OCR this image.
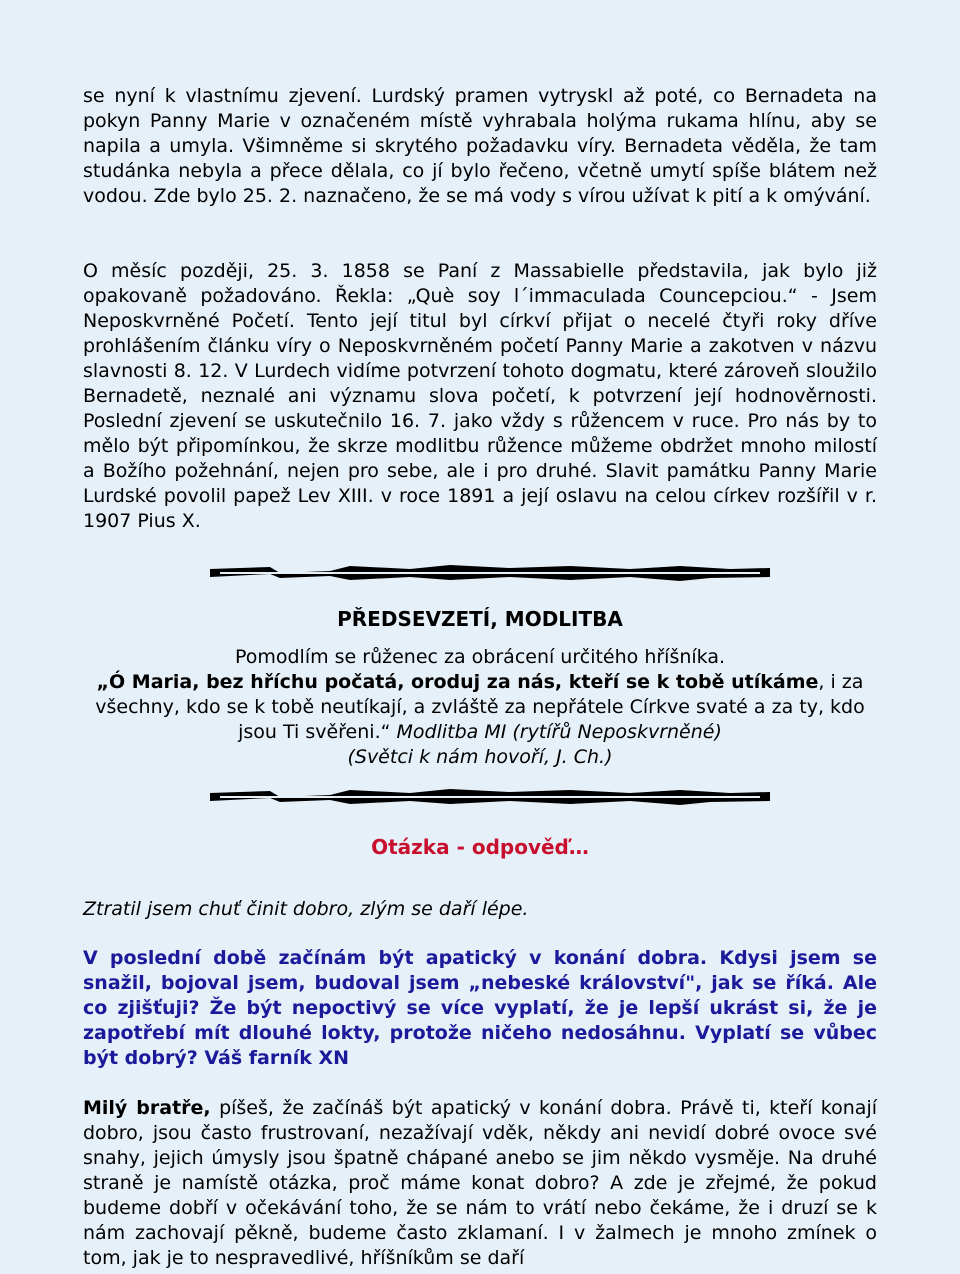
se nyní k vlastnímu zjevení. Lurdský pramen vytryskl až poté, co Bernadeta na pokyn Panny Marie v označeném místě vyhrabala holýma rukama hlínu, aby se napila a umyla. Všimněme si skrytého požadavku víry. Bernadeta věděla, že tam studánka nebyla a přece dělala, co jí bylo řečeno, včetně umytí spíše blátem než vodou. Zde bylo 25. 2. naznačeno, že se má vody s vírou užívat k pití a k omývání.
O měsíc později, 25. 3. 1858 se Paní z Massabielle představila, jak bylo již opakovaně požadováno. Řekla: „Què soy l´immaculada Councepciou.“ - Jsem Neposkvrněné Početí. Tento její titul byl církví přijat o necelé čtyři roky dříve prohlášením článku víry o Neposkvrněném početí Panny Marie a zakotven v názvu slavnosti 8. 12. V Lurdech vidíme potvrzení tohoto dogmatu, které zároveň sloužilo Bernadetě, neznalé ani významu slova početí, k potvrzení její hodnověrnosti. Poslední zjevení se uskutečnilo 16. 7. jako vždy s růžencem v ruce. Pro nás by to mělo být připomínkou, že skrze modlitbu růžence můžeme obdržet mnoho milostí a Božího požehnání, nejen pro sebe, ale i pro druhé. Slavit památku Panny Marie Lurdské povolil papež Lev XIII. v roce 1891 a její oslavu na celou církev rozšířil v r. 1907 Pius X.
PŘEDSEVZETÍ, MODLITBA
Pomodlím se růženec za obrácení určitého hříšníka.
„Ó Maria, bez hříchu počatá, oroduj za nás, kteří se k tobě utíkáme, i za všechny, kdo se k tobě neutíkají, a zvláště za nepřátele Církve svaté a za ty, kdo jsou Ti svěřeni.“ Modlitba MI (rytířů Neposkvrněné)
(Světci k nám hovoří, J. Ch.)
Otázka - odpověď…
Ztratil jsem chuť činit dobro, zlým se daří lépe.
V poslední době začínám být apatický v konání dobra. Kdysi jsem se snažil, bojoval jsem, budoval jsem „nebeské království", jak se říká. Ale co zjišťuji? Že být nepoctivý se více vyplatí, že je lepší ukrást si, že je zapotřebí mít dlouhé lokty, protože ničeho nedosáhnu. Vyplatí se vůbec být dobrý? Váš farník XN
Milý bratře, píšeš, že začínáš být apatický v konání dobra. Právě ti, kteří konají dobro, jsou často frustrovaní, nezažívají vděk, někdy ani nevidí dobré ovoce své snahy, jejich úmysly jsou špatně chápané anebo se jim někdo vysměje. Na druhé straně je namístě otázka, proč máme konat dobro? A zde je zřejmé, že pokud budeme dobří v očekávání toho, že se nám to vrátí nebo čekáme, že i druzí se k nám zachovají pěkně, budeme často zklamaní. I v žalmech je mnoho zmínek o tom, jak je to nespravedlivé, hříšníkům se daří
